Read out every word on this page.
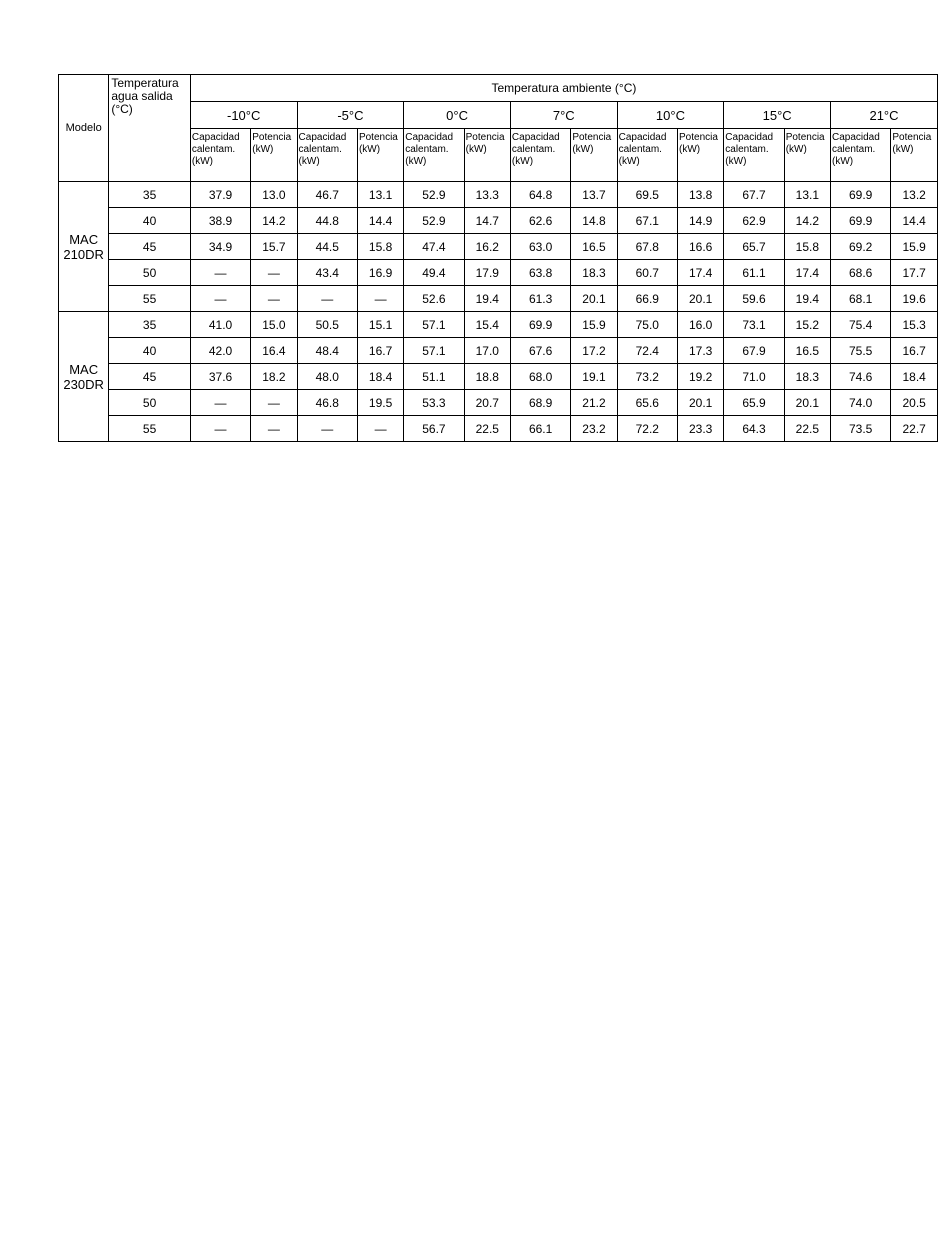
Modelo	Temperatura agua salida (°C)	Temperatura ambiente (°C)													
		-10°C		-5°C		0°C		7°C		10°C		15°C		21°C	
		Capacidad calentam. (kW)	Potencia (kW)	Capacidad calentam. (kW)	Potencia (kW)	Capacidad calentam. (kW)	Potencia (kW)	Capacidad calentam. (kW)	Potencia (kW)	Capacidad calentam. (kW)	Potencia (kW)	Capacidad calentam. (kW)	Potencia (kW)	Capacidad calentam. (kW)	Potencia (kW)
MAC 210DR	35	37.9	13.0	46.7	13.1	52.9	13.3	64.8	13.7	69.5	13.8	67.7	13.1	69.9	13.2
	40	38.9	14.2	44.8	14.4	52.9	14.7	62.6	14.8	67.1	14.9	62.9	14.2	69.9	14.4
	45	34.9	15.7	44.5	15.8	47.4	16.2	63.0	16.5	67.8	16.6	65.7	15.8	69.2	15.9
	50	—	—	43.4	16.9	49.4	17.9	63.8	18.3	60.7	17.4	61.1	17.4	68.6	17.7
	55	—	—	—	—	52.6	19.4	61.3	20.1	66.9	20.1	59.6	19.4	68.1	19.6
MAC 230DR	35	41.0	15.0	50.5	15.1	57.1	15.4	69.9	15.9	75.0	16.0	73.1	15.2	75.4	15.3
	40	42.0	16.4	48.4	16.7	57.1	17.0	67.6	17.2	72.4	17.3	67.9	16.5	75.5	16.7
	45	37.6	18.2	48.0	18.4	51.1	18.8	68.0	19.1	73.2	19.2	71.0	18.3	74.6	18.4
	50	—	—	46.8	19.5	53.3	20.7	68.9	21.2	65.6	20.1	65.9	20.1	74.0	20.5
	55	—	—	—	—	56.7	22.5	66.1	23.2	72.2	23.3	64.3	22.5	73.5	22.7
